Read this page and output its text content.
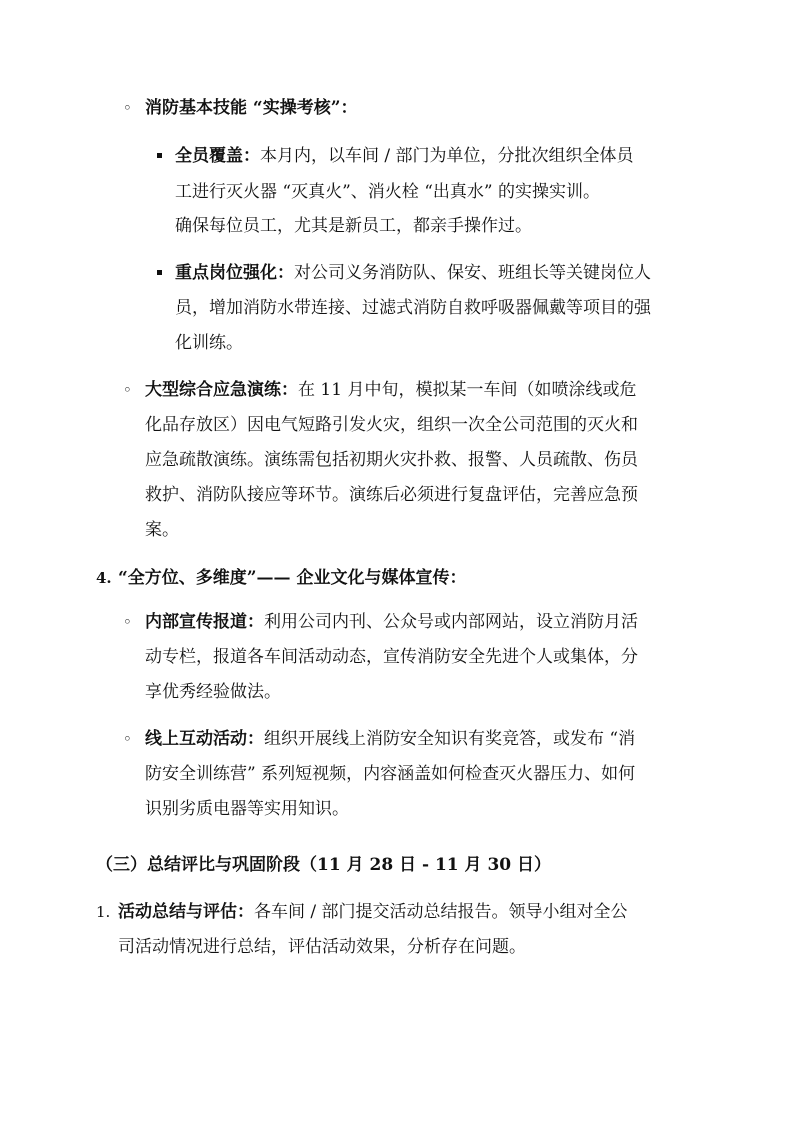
◦ 消防基本技能 “实操考核”：
全员覆盖：本月内，以车间 / 部门为单位，分批次组织全体员
工进行灭火器 “灭真火”、消火栓 “出真水” 的实操实训。
确保每位员工，尤其是新员工，都亲手操作过。
重点岗位强化：对公司义务消防队、保安、班组长等关键岗位人
员，增加消防水带连接、过滤式消防自救呼吸器佩戴等项目的强
化训练。
◦ 大型综合应急演练：在 11 月中旬，模拟某一车间（如喷涂线或危
化品存放区）因电气短路引发火灾，组织一次全公司范围的灭火和
应急疏散演练。演练需包括初期火灾扑救、报警、人员疏散、伤员
救护、消防队接应等环节。演练后必须进行复盘评估，完善应急预
案。
4. “全方位、多维度”—— 企业文化与媒体宣传：
◦ 内部宣传报道：利用公司内刊、公众号或内部网站，设立消防月活
动专栏，报道各车间活动动态，宣传消防安全先进个人或集体，分
享优秀经验做法。
◦ 线上互动活动：组织开展线上消防安全知识有奖竞答，或发布 “消
防安全训练营” 系列短视频，内容涵盖如何检查灭火器压力、如何
识别劣质电器等实用知识。
（三）总结评比与巩固阶段（11 月 28 日 - 11 月 30 日）
1. 活动总结与评估：各车间 / 部门提交活动总结报告。领导小组对全公
司活动情况进行总结，评估活动效果，分析存在问题。
